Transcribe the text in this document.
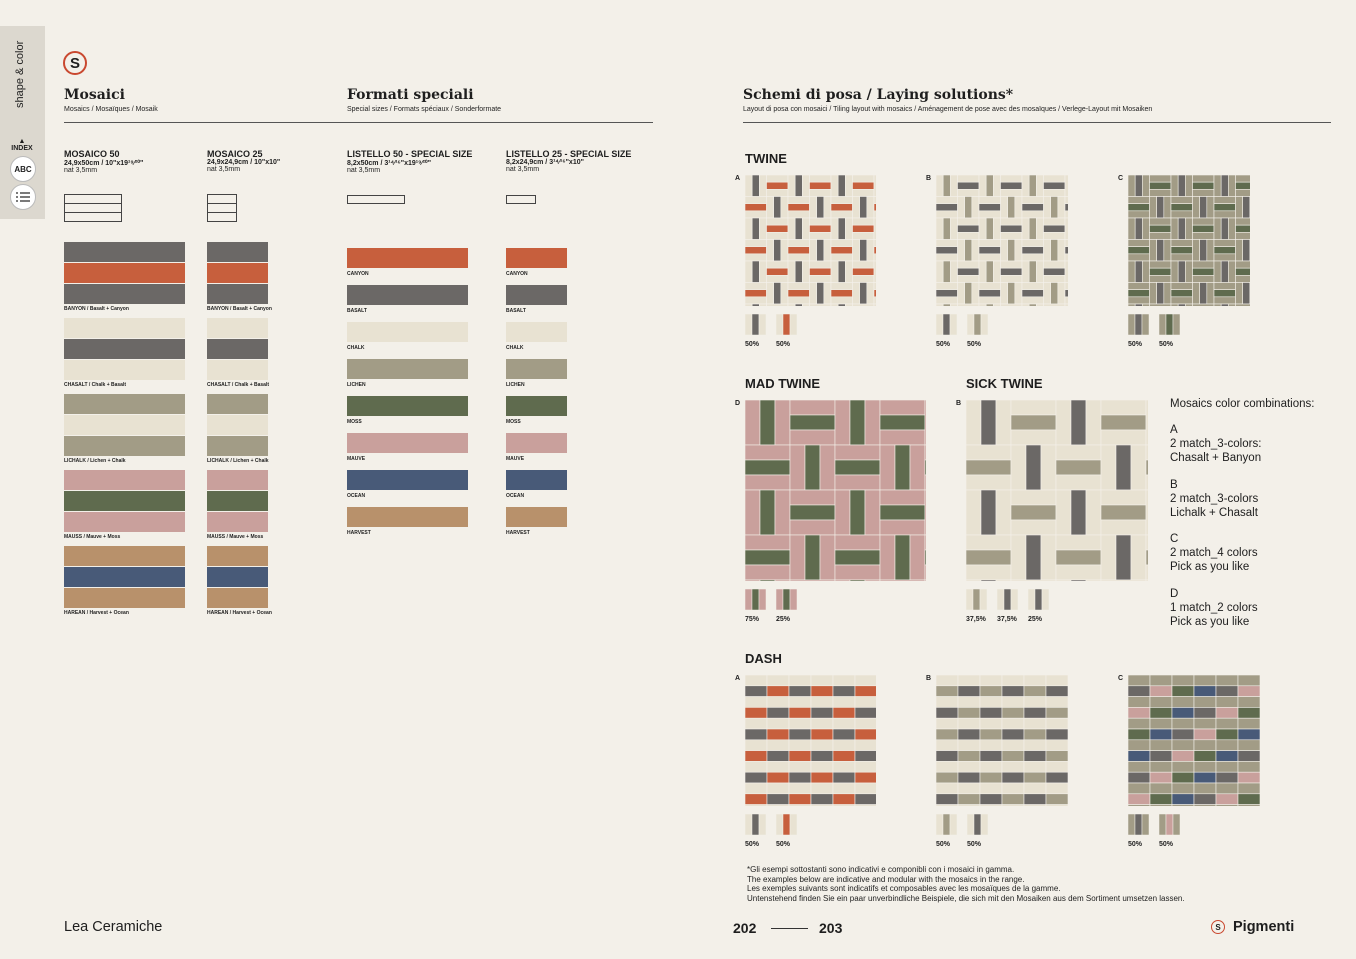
shape & color
▲
INDEX
ABC
S
Mosaici
Mosaics / Mosaïques / Mosaik
Formati speciali
Special sizes / Formats spéciaux / Sonderformate
Schemi di posa / Laying solutions*
Layout di posa con mosaici / Tiling layout with mosaics / Aménagement de pose avec des mosaïques / Verlege-Layout mit Mosaiken
MOSAICO 50
24,9x50cm / 10"x19¹⁹⁄²⁰"
nat 3,5mm
MOSAICO 25
24,9x24,9cm / 10"x10"
nat 3,5mm
LISTELLO 50 - SPECIAL SIZE
8,2x50cm / 3¹⁴⁄¹⁶"x19¹⁹⁄²⁰"
nat 3,5mm
LISTELLO 25 - SPECIAL SIZE
8,2x24,9cm / 3¹⁴⁄¹⁶"x10"
nat 3,5mm
BANYON / Basalt + Canyon	BANYON / Basalt + Canyon
CHASALT / Chalk + Basalt	CHASALT / Chalk + Basalt
LICHALK / Lichen + Chalk	LICHALK / Lichen + Chalk
MAUSS / Mauve + Moss	MAUSS / Mauve + Moss
HAREAN / Harvest + Ocean	HAREAN / Harvest + Ocean
CANYON	CANYON
BASALT	BASALT
CHALK	CHALK
LICHEN	LICHEN
MOSS	MOSS
MAUVE	MAUVE
OCEAN	OCEAN
HARVEST	HARVEST
TWINE
A
50% 50%
B
50% 50%
C
50% 50%
MAD TWINE	SICK TWINE
D
75% 25%
B
37,5% 37,5% 25%
Mosaics color combinations:
A
2 match_3-colors:
Chasalt + Banyon
B
2 match_3-colors
Lichalk + Chasalt
C
2 match_4 colors
Pick as you like
D
1 match_2 colors
Pick as you like
DASH
A
50% 50%
B
50% 50%
C
50% 50%
*Gli esempi sottostanti sono indicativi e componibli con i mosaici in gamma.
The examples below are indicative and modular with the mosaics in the range.
Les exemples suivants sont indicatifs et composables avec les mosaïques de la gamme.
Untenstehend finden Sie ein paar unverbindliche Beispiele, die sich mit den Mosaiken aus dem Sortiment umsetzen lassen.
Lea Ceramiche	202	203	S Pigmenti
